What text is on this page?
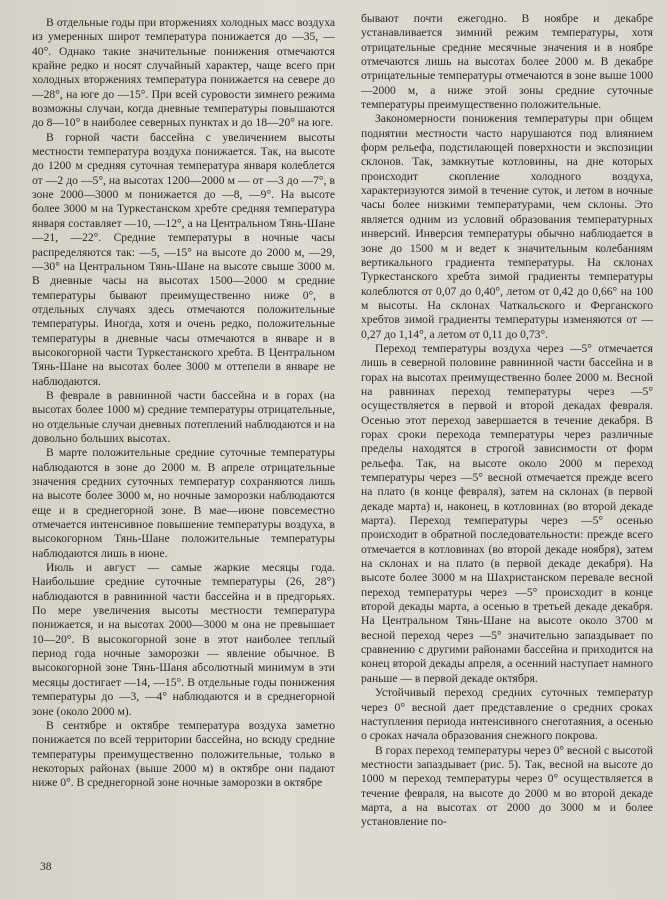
В отдельные годы при вторжениях холодных масс воздуха из умеренных широт температура понижается до —35, —40°. Однако такие значительные понижения отмечаются крайне редко и носят случайный характер, чаще всего при холодных вторжениях температура понижается на севере до —28°, на юге до —15°. При всей суровости зимнего режима возможны случаи, когда дневные температуры повышаются до 8—10° в наиболее северных пунктах и до 18—20° на юге.

В горной части бассейна с увеличением высоты местности температура воздуха понижается. Так, на высоте до 1200 м средняя суточная температура января колеблется от —2 до —5°, на высотах 1200—2000 м — от —3 до —7°, в зоне 2000—3000 м понижается до —8, —9°. На высоте более 3000 м на Туркестанском хребте средняя температура января составляет —10, —12°, а на Центральном Тянь-Шане —21, —22°. Средние температуры в ночные часы распределяются так: —5, —15° на высоте до 2000 м, —29, —30° на Центральном Тянь-Шане на высоте свыше 3000 м. В дневные часы на высотах 1500—2000 м средние температуры бывают преимущественно ниже 0°, в отдельных случаях здесь отмечаются положительные температуры. Иногда, хотя и очень редко, положительные температуры в дневные часы отмечаются в январе и в высокогорной части Туркестанского хребта. В Центральном Тянь-Шане на высотах более 3000 м оттепели в январе не наблюдаются.

В феврале в равнинной части бассейна и в горах (на высотах более 1000 м) средние температуры отрицательные, но отдельные случаи дневных потеплений наблюдаются и на довольно больших высотах.

В марте положительные средние суточные температуры наблюдаются в зоне до 2000 м. В апреле отрицательные значения средних суточных температур сохраняются лишь на высоте более 3000 м, но ночные заморозки наблюдаются еще и в среднегорной зоне. В мае—июне повсеместно отмечается интенсивное повышение температуры воздуха, в высокогорном Тянь-Шане положительные температуры наблюдаются лишь в июне.

Июль и август — самые жаркие месяцы года. Наибольшие средние суточные температуры (26, 28°) наблюдаются в равнинной части бассейна и в предгорьях. По мере увеличения высоты местности температура понижается, и на высотах 2000—3000 м она не превышает 10—20°. В высокогорной зоне в этот наиболее теплый период года ночные заморозки — явление обычное. В высокогорной зоне Тянь-Шаня абсолютный минимум в эти месяцы достигает —14, —15°. В отдельные годы понижения температуры до —3, —4° наблюдаются и в среднегорной зоне (около 2000 м).

В сентябре и октябре температура воздуха заметно понижается по всей территории бассейна, но всюду средние температуры преимущественно положительные, только в некоторых районах (выше 2000 м) в октябре они падают ниже 0°. В среднегорной зоне ночные заморозки в октябре

бывают почти ежегодно. В ноябре и декабре устанавливается зимний режим температуры, хотя отрицательные средние месячные значения и в ноябре отмечаются лишь на высотах более 2000 м. В декабре отрицательные температуры отмечаются в зоне выше 1000—2000 м, а ниже этой зоны средние суточные температуры преимущественно положительные.

Закономерности понижения температуры при общем поднятии местности часто нарушаются под влиянием форм рельефа, подстилающей поверхности и экспозиции склонов. Так, замкнутые котловины, на дне которых происходит скопление холодного воздуха, характеризуются зимой в течение суток, и летом в ночные часы более низкими температурами, чем склоны. Это является одним из условий образования температурных инверсий. Инверсия температуры обычно наблюдается в зоне до 1500 м и ведет к значительным колебаниям вертикального градиента температуры. На склонах Туркестанского хребта зимой градиенты температуры колеблются от 0,07 до 0,40°, летом от 0,42 до 0,66° на 100 м высоты. На склонах Чаткальского и Ферганского хребтов зимой градиенты температуры изменяются от —0,27 до 1,14°, а летом от 0,11 до 0,73°.

Переход температуры воздуха через —5° отмечается лишь в северной половине равнинной части бассейна и в горах на высотах преимущественно более 2000 м. Весной на равнинах переход температуры через —5° осуществляется в первой и второй декадах февраля. Осенью этот переход завершается в течение декабря. В горах сроки перехода температуры через различные пределы находятся в строгой зависимости от форм рельефа. Так, на высоте около 2000 м переход температуры через —5° весной отмечается прежде всего на плато (в конце февраля), затем на склонах (в первой декаде марта) и, наконец, в котловинах (во второй декаде марта). Переход температуры через —5° осенью происходит в обратной последовательности: прежде всего отмечается в котловинах (во второй декаде ноября), затем на склонах и на плато (в первой декаде декабря). На высоте более 3000 м на Шахристанском перевале весной переход температуры через —5° происходит в конце второй декады марта, а осенью в третьей декаде декабря. На Центральном Тянь-Шане на высоте около 3700 м весной переход через —5° значительно запаздывает по сравнению с другими районами бассейна и приходится на конец второй декады апреля, а осенний наступает намного раньше — в первой декаде октября.

Устойчивый переход средних суточных температур через 0° весной дает представление о средних сроках наступления периода интенсивного снеготаяния, а осенью о сроках начала образования снежного покрова.

В горах переход температуры через 0° весной с высотой местности запаздывает (рис. 5). Так, весной на высоте до 1000 м переход температуры через 0° осуществляется в течение февраля, на высоте до 2000 м во второй декаде марта, а на высотах от 2000 до 3000 м и более установление по-

38
